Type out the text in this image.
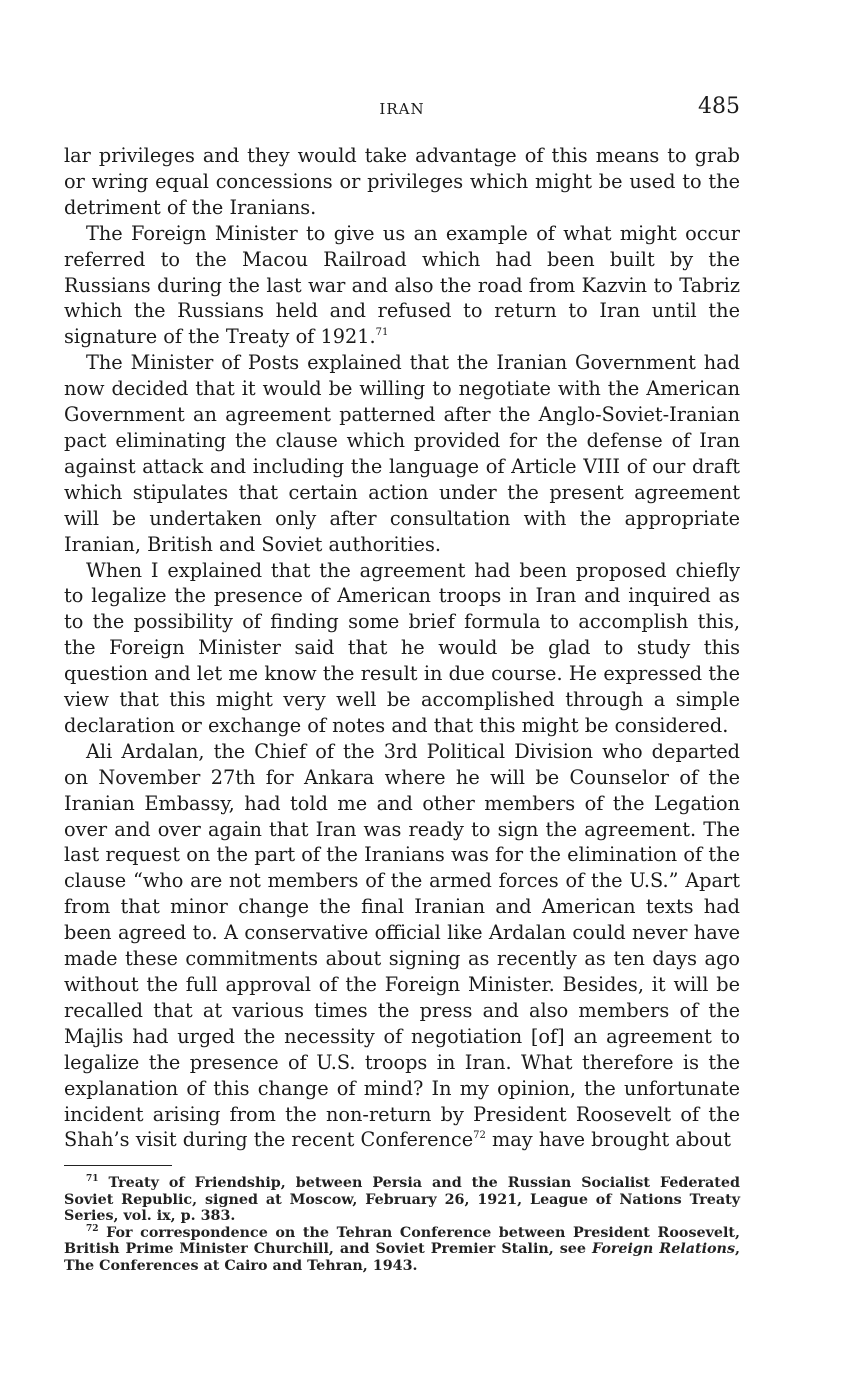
IRAN	485

lar privileges and they would take advantage of this means to grab or wring equal concessions or privileges which might be used to the detriment of the Iranians.

The Foreign Minister to give us an example of what might occur referred to the Macou Railroad which had been built by the Russians during the last war and also the road from Kazvin to Tabriz which the Russians held and refused to return to Iran until the signature of the Treaty of 1921.71

The Minister of Posts explained that the Iranian Government had now decided that it would be willing to negotiate with the American Government an agreement patterned after the Anglo-Soviet-Iranian pact eliminating the clause which provided for the defense of Iran against attack and including the language of Article VIII of our draft which stipulates that certain action under the present agreement will be undertaken only after consultation with the appropriate Iranian, British and Soviet authorities.

When I explained that the agreement had been proposed chiefly to legalize the presence of American troops in Iran and inquired as to the possibility of finding some brief formula to accomplish this, the Foreign Minister said that he would be glad to study this question and let me know the result in due course. He expressed the view that this might very well be accomplished through a simple declaration or exchange of notes and that this might be considered.

Ali Ardalan, the Chief of the 3rd Political Division who departed on November 27th for Ankara where he will be Counselor of the Iranian Embassy, had told me and other members of the Legation over and over again that Iran was ready to sign the agreement. The last request on the part of the Iranians was for the elimination of the clause “who are not members of the armed forces of the U.S.” Apart from that minor change the final Iranian and American texts had been agreed to. A conservative official like Ardalan could never have made these commitments about signing as recently as ten days ago without the full approval of the Foreign Minister. Besides, it will be recalled that at various times the press and also members of the Majlis had urged the necessity of negotiation [of] an agreement to legalize the presence of U.S. troops in Iran. What therefore is the explanation of this change of mind? In my opinion, the unfortunate incident arising from the non-return by President Roosevelt of the Shah’s visit during the recent Conference$^{72}$ may have brought about

$^{71}$ Treaty of Friendship, between Persia and the Russian Socialist Federated Soviet Republic, signed at Moscow, February 26, 1921, League of Nations Treaty Series, vol. ix, p. 383.

$^{72}$ For correspondence on the Tehran Conference between President Roosevelt, British Prime Minister Churchill, and Soviet Premier Stalin, see Foreign Relations, The Conferences at Cairo and Tehran, 1943.
